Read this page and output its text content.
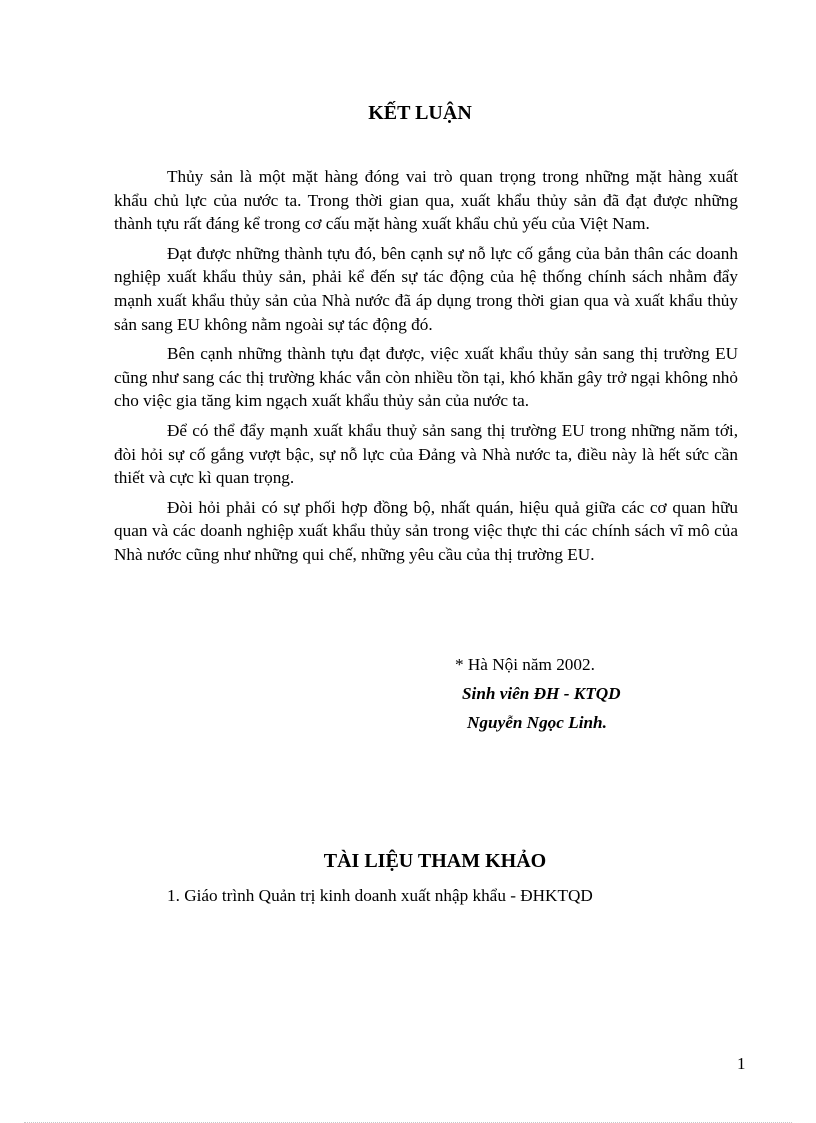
KẾT LUẬN

Thủy sản là một mặt hàng đóng vai trò quan trọng trong những mặt hàng xuất khẩu chủ lực của nước ta. Trong thời gian qua, xuất khẩu thủy sản đã đạt được những thành tựu rất đáng kể trong cơ cấu mặt hàng xuất khẩu chủ yếu của Việt Nam.

Đạt được những thành tựu đó, bên cạnh sự nỗ lực cố gắng của bản thân các doanh nghiệp xuất khẩu thủy sản, phải kể đến sự tác động của hệ thống chính sách nhằm đẩy mạnh xuất khẩu thủy sản của Nhà nước đã áp dụng trong thời gian qua và xuất khẩu thủy sản sang EU không nằm ngoài sự tác động đó.

Bên cạnh những thành tựu đạt được, việc xuất khẩu thủy sản sang thị trường EU cũng như sang các thị trường khác vẫn còn nhiều tồn tại, khó khăn gây trở ngại không nhỏ cho việc gia tăng kim ngạch xuất khẩu thủy sản của nước ta.

Để có thể đẩy mạnh xuất khẩu thuỷ sản sang thị trường EU trong những năm tới, đòi hỏi sự cố gắng vượt bậc, sự nỗ lực của Đảng và Nhà nước ta, điều này là hết sức cần thiết và cực kì quan trọng.

Đòi hỏi phải có sự phối hợp đồng bộ, nhất quán, hiệu quả giữa các cơ quan hữu quan và các doanh nghiệp xuất khẩu thủy sản trong việc thực thi các chính sách vĩ mô của Nhà nước cũng như những qui chế, những yêu cầu của thị trường EU.

* Hà Nội năm 2002.
Sinh viên ĐH - KTQD
Nguyễn Ngọc Linh.
TÀI LIỆU THAM KHẢO
1. Giáo trình Quản trị kinh doanh xuất nhập khẩu - ĐHKTQD
1
